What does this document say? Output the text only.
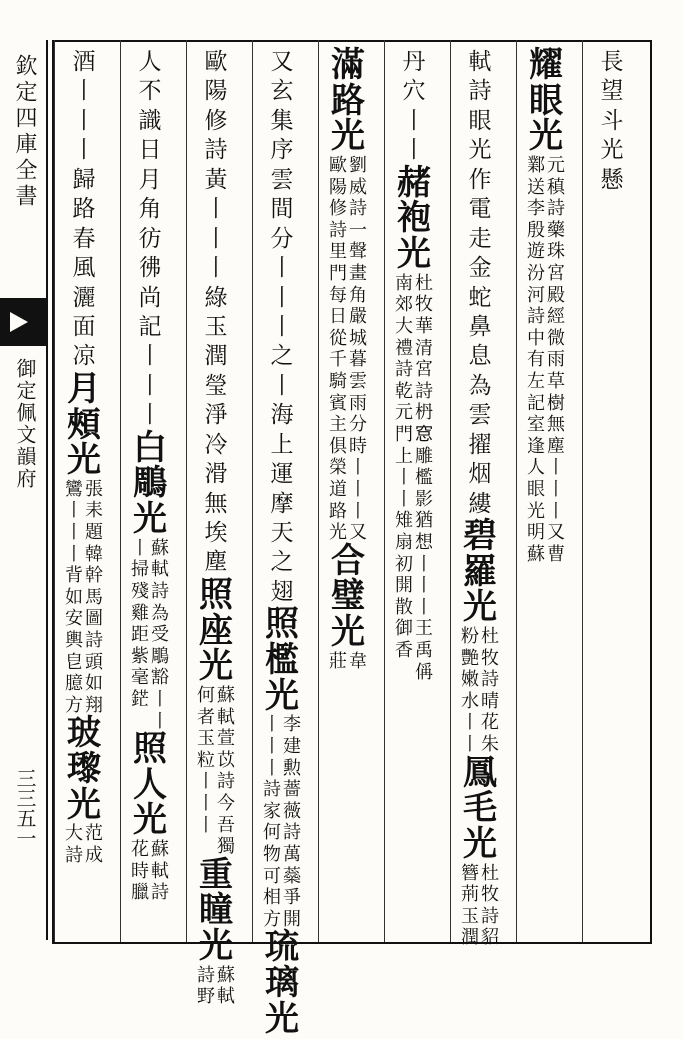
欽定四庫全書
御定佩文韻府
三三五一
長
望
斗
光
懸
耀
眼
光
元
稹
詩
藥
珠
宮
殿
經
微
雨
草
樹
無
塵
丨
丨
丨
又
曹
鄴
送
李
殷
遊
汾
河
詩
中
有
左
記
室
逢
人
眼
光
明
蘇
軾
詩
眼
光
作
電
走
金
蛇
鼻
息
為
雲
擢
烟
縷
碧
羅
光
杜
牧
詩
晴
花
朱
粉
艷
嫩
水
丨
丨
鳳
毛
光
杜
牧
詩
貂
簪
荊
玉
潤
丹
穴
丨
丨
赭
袍
光
杜
牧
華
清
宮
詩
枬
𥦗
雕
檻
影
猶
想
丨
丨
丨
王
禹
偁
南
郊
大
禮
詩
乾
元
門
上
丨
丨
雉
扇
初
開
散
御
香
滿
路
光
劉
威
詩
一
聲
畫
角
嚴
城
暮
雲
雨
分
時
丨
丨
丨
又
歐
陽
修
詩
里
門
每
日
從
千
騎
賓
主
俱
榮
道
路
光
合
璧
光
韋
莊
又
玄
集
序
雲
間
分
丨
丨
丨
之
丨
海
上
運
摩
天
之
翅
照
檻
光
李
建
勲
薔
薇
詩
萬
蘂
爭
開
丨
丨
丨
詩
家
何
物
可
相
方
琉
璃
光
歐
陽
修
詩
黃
丨
丨
丨
綠
玉
潤
瑩
淨
冷
滑
無
埃
塵
照
座
光
蘇
軾
萱
苡
詩
今
吾
獨
何
者
玉
粒
丨
丨
丨
重
瞳
光
蘇
軾
詩
野
人
不
識
日
月
角
彷
彿
尚
記
丨
丨
丨
白
鵰
光
蘇
軾
詩
為
受
鵰
豁
丨
丨
丨
掃
殘
雞
距
紫
毫
鋩
照
人
光
蘇
軾
詩
花
時
臘
酒
丨
丨
丨
歸
路
春
風
灑
面
凉
月
頰
光
張
耒
題
韓
幹
馬
圖
詩
頭
如
翔
鸞
丨
丨
丨
背
如
安
輿
皀
臆
方
玻
瓈
光
范
成
大
詩
